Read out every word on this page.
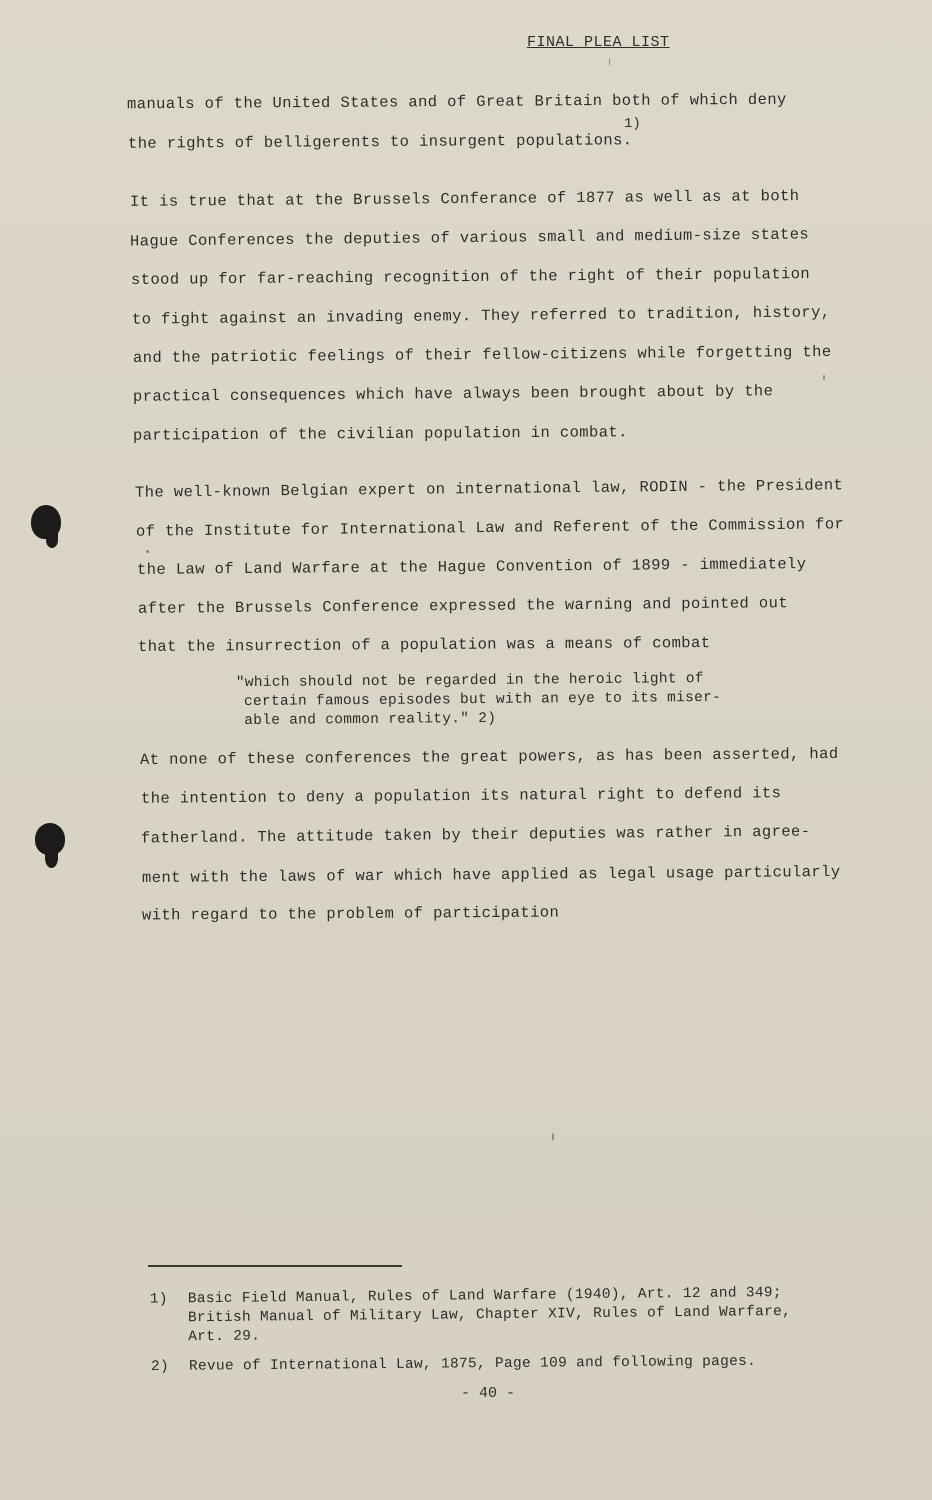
FINAL PLEA LIST
manuals of the United States and of Great Britain both of which deny
the rights of belligerents to insurgent populations.
1)
It is true that at the Brussels Conferance of 1877 as well as at both
Hague Conferences the deputies of various small and medium-size states
stood up for far-reaching recognition of the right of their population
to fight against an invading enemy. They referred to tradition, history,
and the patriotic feelings of their fellow-citizens while forgetting the
practical consequences which have always been brought about by the
participation of the civilian population in combat.
The well-known Belgian expert on international law, RODIN - the President
of the Institute for International Law and Referent of the Commission for
the Law of Land Warfare at the Hague Convention of 1899 - immediately
after the Brussels Conference expressed the warning and pointed out
that the insurrection of a population was a means of combat
"which should not be regarded in the heroic light of
certain famous episodes but with an eye to its miser-
able and common reality." 2)
At none of these conferences the great powers, as has been asserted, had
the intention to deny a population its natural right to defend its
fatherland. The attitude taken by their deputies was rather in agree-
ment with the laws of war which have applied as legal usage particularly
with regard to the problem of participation
1) Basic Field Manual, Rules of Land Warfare (1940), Art. 12 and 349;
British Manual of Military Law, Chapter XIV, Rules of Land Warfare,
Art. 29.
2) Revue of International Law, 1875, Page 109 and following pages.
- 40 -
